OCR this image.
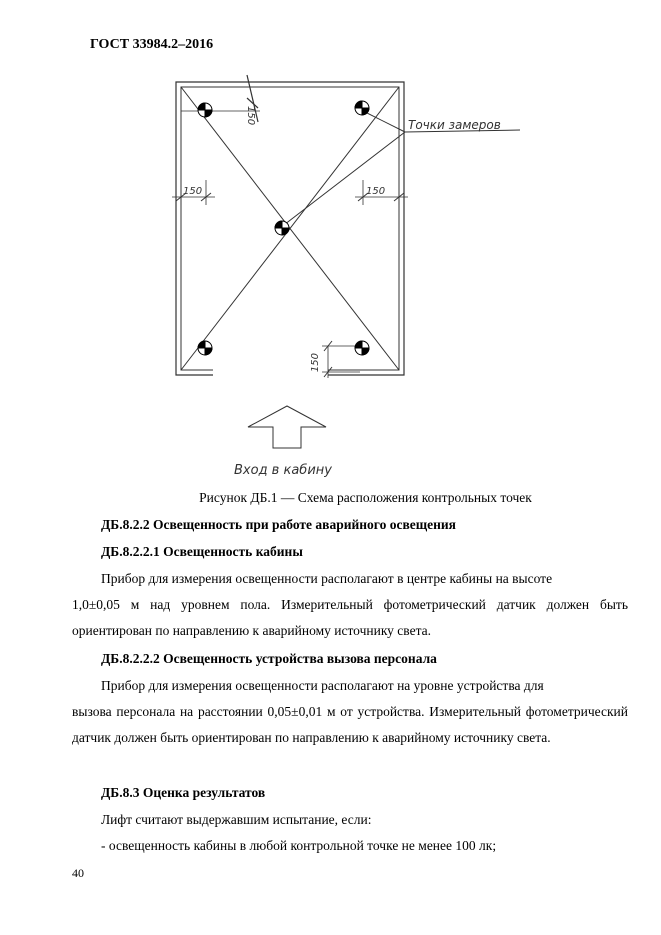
ГОСТ 33984.2–2016
Точки замеров
150	150
150
150
Вход в кабину
Рисунок ДБ.1 — Схема расположения контрольных точек
ДБ.8.2.2 Освещенность при работе аварийного освещения
ДБ.8.2.2.1 Освещенность кабины
Прибор для измерения освещенности располагают в центре кабины на высоте
1,0±0,05 м над уровнем пола. Измерительный фотометрический датчик должен быть ориентирован по направлению к аварийному источнику света.
ДБ.8.2.2.2 Освещенность устройства вызова персонала
Прибор для измерения освещенности располагают на уровне устройства для
вызова персонала на расстоянии 0,05±0,01 м от устройства. Измерительный фотометрический датчик должен быть ориентирован по направлению к аварийному источнику света.
ДБ.8.3 Оценка результатов
Лифт считают выдержавшим испытание, если:
- освещенность кабины в любой контрольной точке не менее 100 лк;
40
